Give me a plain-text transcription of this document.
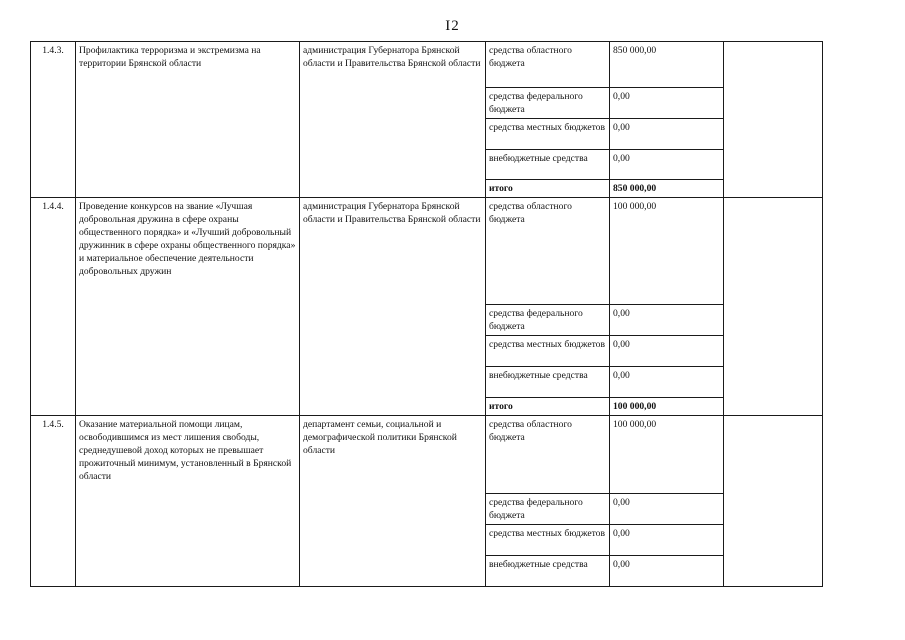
I2
1.4.3.	Профилактика терроризма и экстремизма на территории Брянской области	администрация Губернатора Брянской области и Правительства Брянской области	средства областного бюджета	850 000,00	
			средства федерального бюджета	0,00	
			средства местных бюджетов	0,00	
			внебюджетные средства	0,00	
			итого	850 000,00	
1.4.4.	Проведение конкурсов на звание «Лучшая добровольная дружина в сфере охраны общественного порядка» и «Лучший добровольный дружинник в сфере охраны общественного порядка» и материальное обеспечение деятельности добровольных дружин	администрация Губернатора Брянской области и Правительства Брянской области	средства областного бюджета	100 000,00	
			средства федерального бюджета	0,00	
			средства местных бюджетов	0,00	
			внебюджетные средства	0,00	
			итого	100 000,00	
1.4.5.	Оказание материальной помощи лицам, освободившимся из мест лишения свободы, среднедушевой доход которых не превышает прожиточный минимум, установленный в Брянской области	департамент семьи, социальной и демографической политики Брянской области	средства областного бюджета	100 000,00	
			средства федерального бюджета	0,00	
			средства местных бюджетов	0,00	
			внебюджетные средства	0,00	
